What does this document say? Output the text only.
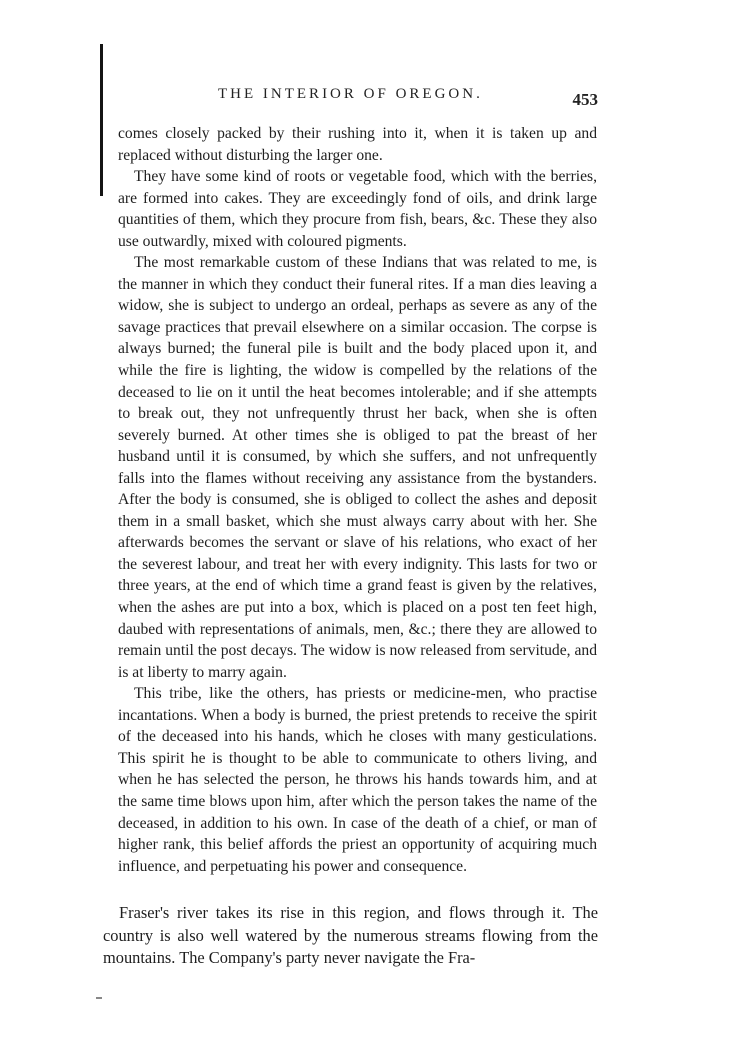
THE INTERIOR OF OREGON.	453

comes closely packed by their rushing into it, when it is taken up and replaced without disturbing the larger one.

They have some kind of roots or vegetable food, which with the berries, are formed into cakes. They are exceedingly fond of oils, and drink large quantities of them, which they procure from fish, bears, &c. These they also use outwardly, mixed with coloured pigments.

The most remarkable custom of these Indians that was related to me, is the manner in which they conduct their funeral rites. If a man dies leaving a widow, she is subject to undergo an ordeal, perhaps as severe as any of the savage practices that prevail elsewhere on a similar occasion. The corpse is always burned; the funeral pile is built and the body placed upon it, and while the fire is lighting, the widow is compelled by the relations of the deceased to lie on it until the heat becomes intolerable; and if she attempts to break out, they not unfrequently thrust her back, when she is often severely burned. At other times she is obliged to pat the breast of her husband until it is consumed, by which she suffers, and not unfrequently falls into the flames without receiving any assistance from the bystanders. After the body is consumed, she is obliged to collect the ashes and deposit them in a small basket, which she must always carry about with her. She afterwards becomes the servant or slave of his relations, who exact of her the severest labour, and treat her with every indignity. This lasts for two or three years, at the end of which time a grand feast is given by the relatives, when the ashes are put into a box, which is placed on a post ten feet high, daubed with representations of animals, men, &c.; there they are allowed to remain until the post decays. The widow is now released from servitude, and is at liberty to marry again.

This tribe, like the others, has priests or medicine-men, who practise incantations. When a body is burned, the priest pretends to receive the spirit of the deceased into his hands, which he closes with many gesticulations. This spirit he is thought to be able to communicate to others living, and when he has selected the person, he throws his hands towards him, and at the same time blows upon him, after which the person takes the name of the deceased, in addition to his own. In case of the death of a chief, or man of higher rank, this belief affords the priest an opportunity of acquiring much influence, and perpetuating his power and consequence.

Fraser's river takes its rise in this region, and flows through it. The country is also well watered by the numerous streams flowing from the mountains. The Company's party never navigate the Fra-
